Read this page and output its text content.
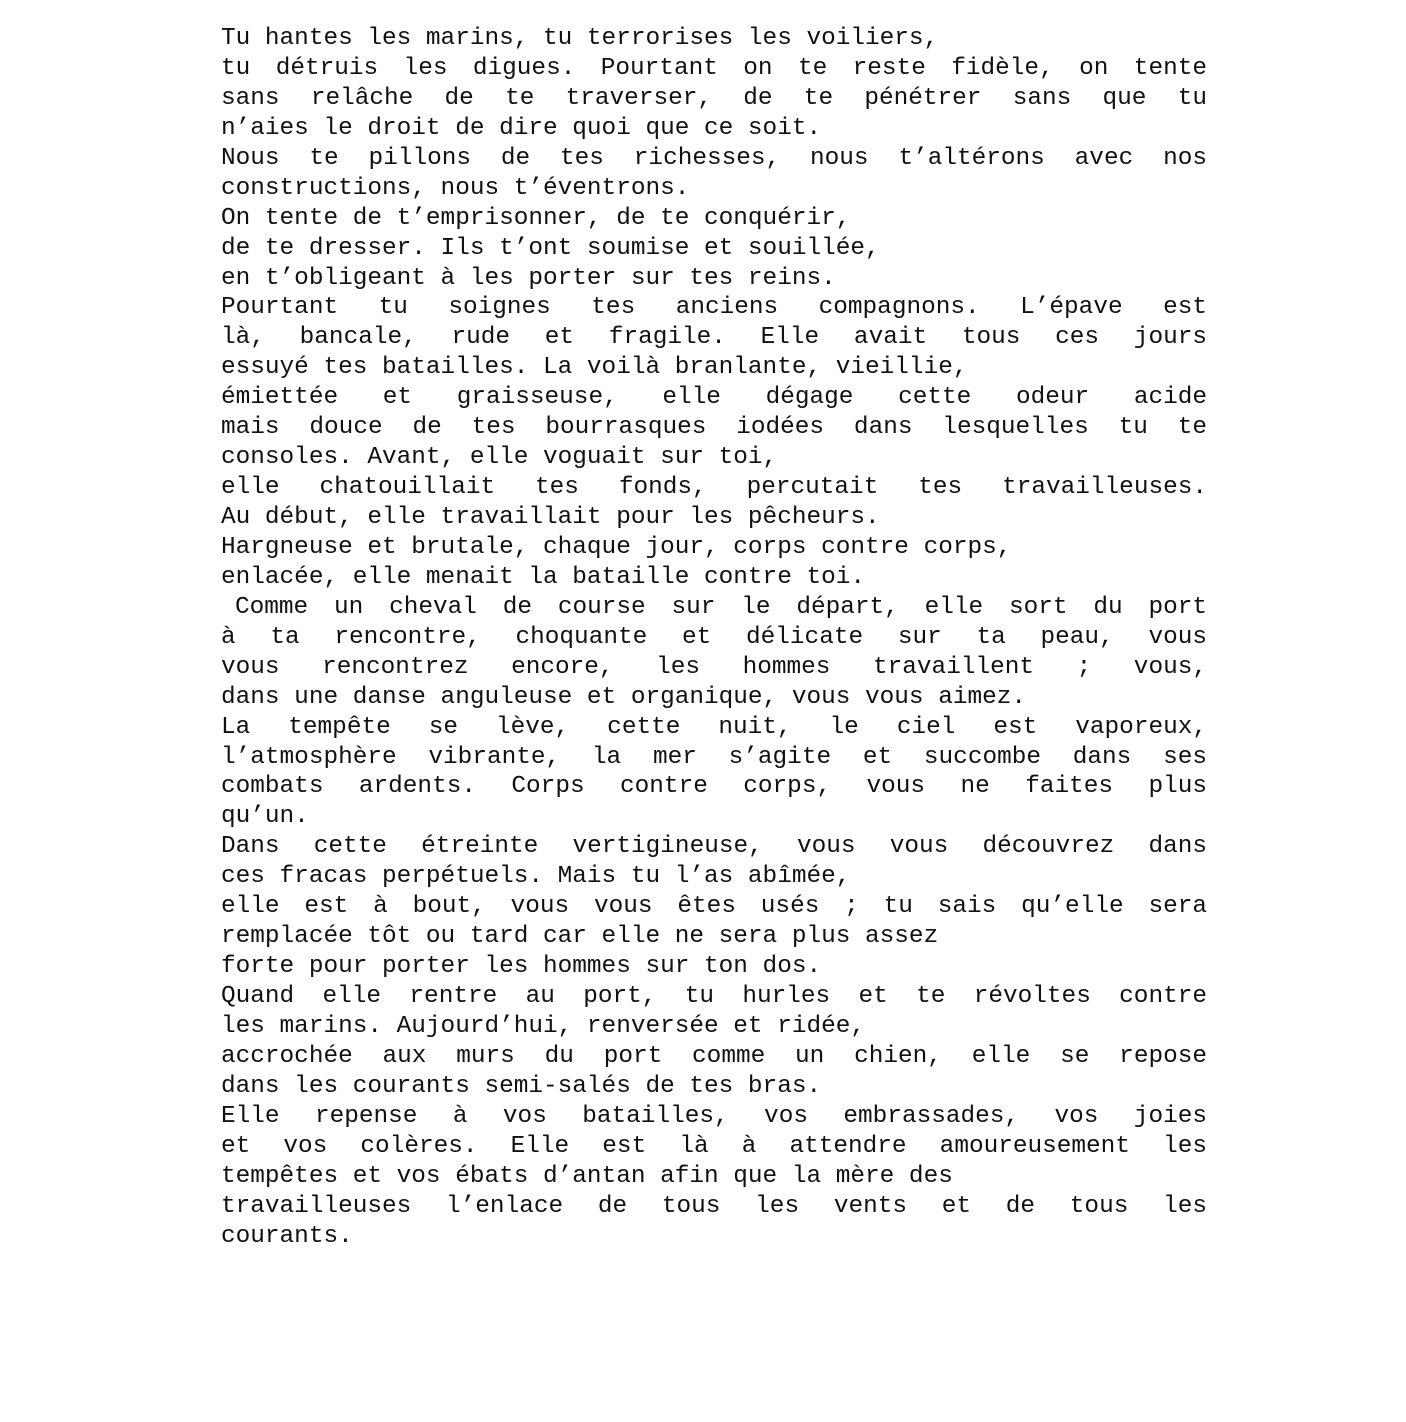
Tu hantes les marins, tu terrorises les voiliers,
tu détruis les digues. Pourtant on te reste fidèle, on tente
sans relâche de te traverser, de te pénétrer sans que tu
n’aies le droit de dire quoi que ce soit.
Nous te pillons de tes richesses, nous t’altérons avec nos
constructions, nous t’éventrons.
On tente de t’emprisonner, de te conquérir,
de te dresser. Ils t’ont soumise et souillée,
en t’obligeant à les porter sur tes reins.
Pourtant tu soignes tes anciens compagnons. L’épave est
là, bancale, rude et fragile. Elle avait tous ces jours
essuyé tes batailles. La voilà branlante, vieillie,
émiettée et graisseuse, elle dégage cette odeur acide
mais douce de tes bourrasques iodées dans lesquelles tu te
consoles. Avant, elle voguait sur toi,
elle chatouillait tes fonds, percutait tes travailleuses.
Au début, elle travaillait pour les pêcheurs.
Hargneuse et brutale, chaque jour, corps contre corps,
enlacée, elle menait la bataille contre toi.
Comme un cheval de course sur le départ, elle sort du port
à ta rencontre, choquante et délicate sur ta peau, vous
vous rencontrez encore, les hommes travaillent ; vous,
dans une danse anguleuse et organique, vous vous aimez.
La tempête se lève, cette nuit, le ciel est vaporeux,
l’atmosphère vibrante, la mer s’agite et succombe dans ses
combats ardents. Corps contre corps, vous ne faites plus
qu’un.
Dans cette étreinte vertigineuse, vous vous découvrez dans
ces fracas perpétuels. Mais tu l’as abîmée,
elle est à bout, vous vous êtes usés ; tu sais qu’elle sera
remplacée tôt ou tard car elle ne sera plus assez
forte pour porter les hommes sur ton dos.
Quand elle rentre au port, tu hurles et te révoltes contre
les marins. Aujourd’hui, renversée et ridée,
accrochée aux murs du port comme un chien, elle se repose
dans les courants semi-salés de tes bras.
Elle repense à vos batailles, vos embrassades, vos joies
et vos colères. Elle est là à attendre amoureusement les
tempêtes et vos ébats d’antan afin que la mère des
travailleuses l’enlace de tous les vents et de tous les
courants.
